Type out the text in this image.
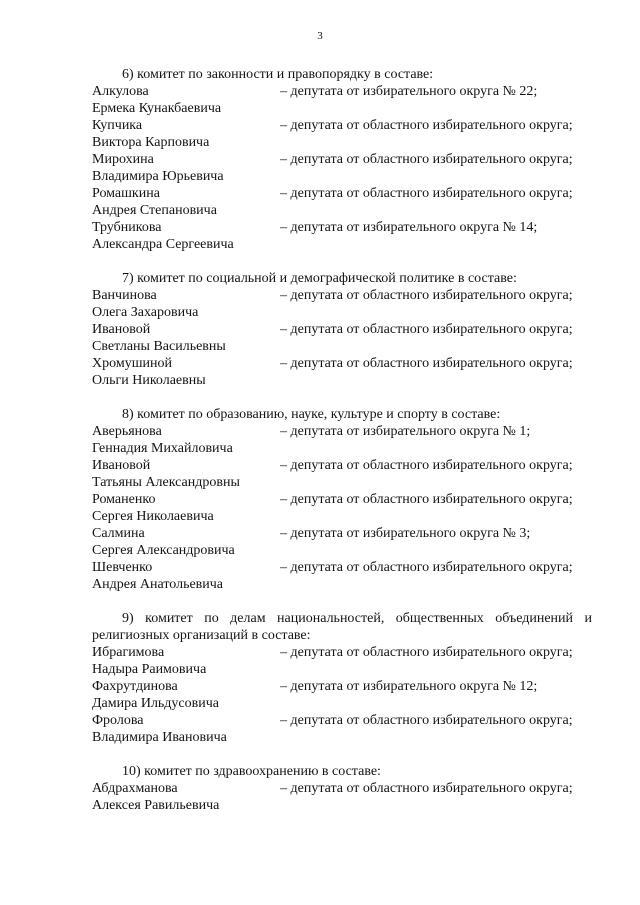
3

6) комитет по законности и правопорядку в составе:

Алкулова	– депутата от избирательного округа № 22;
Ермека Кунакбаевича
Купчика	– депутата от областного избирательного округа;
Виктора Карповича
Мирохина	– депутата от областного избирательного округа;
Владимира Юрьевича
Ромашкина	– депутата от областного избирательного округа;
Андрея Степановича
Трубникова	– депутата от избирательного округа № 14;
Александра Сергеевича

7) комитет по социальной и демографической политике в составе:

Ванчинова	– депутата от областного избирательного округа;
Олега Захаровича
Ивановой	– депутата от областного избирательного округа;
Светланы Васильевны
Хромушиной	– депутата от областного избирательного округа;
Ольги Николаевны

8) комитет по образованию, науке, культуре и спорту в составе:

Аверьянова	– депутата от избирательного округа № 1;
Геннадия Михайловича
Ивановой	– депутата от областного избирательного округа;
Татьяны Александровны
Романенко	– депутата от областного избирательного округа;
Сергея Николаевича
Салмина	– депутата от избирательного округа № 3;
Сергея Александровича
Шевченко	– депутата от областного избирательного округа;
Андрея Анатольевича

9) комитет по делам национальностей, общественных объединений и религиозных организаций в составе:

Ибрагимова	– депутата от областного избирательного округа;
Надыра Раимовича
Фахрутдинова	– депутата от избирательного округа № 12;
Дамира Ильдусовича
Фролова	– депутата от областного избирательного округа;
Владимира Ивановича

10) комитет по здравоохранению в составе:

Абдрахманова	– депутата от областного избирательного округа;
Алексея Равильевича
